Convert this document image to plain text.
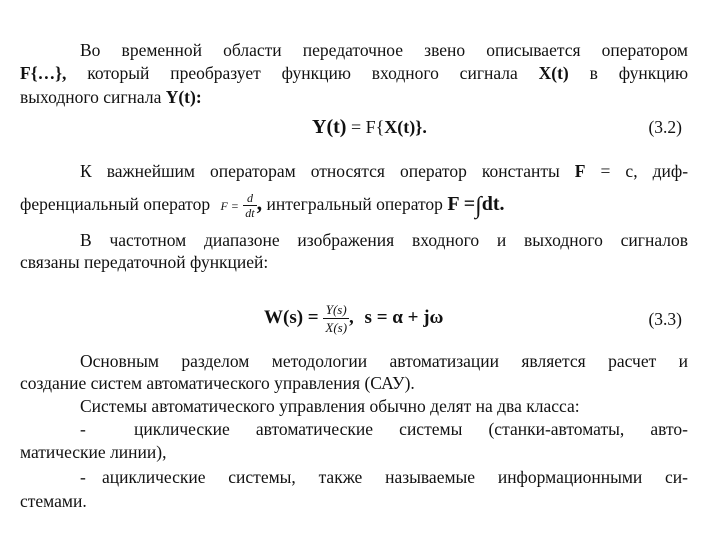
Во временной области передаточное звено описывается оператором
F{…}, который преобразует функцию входного сигнала X(t) в функцию
выходного сигнала Y(t):
Y(t) = F{X(t)}.	(3.2)
К важнейшим операторам относятся оператор константы F = с, диф-
ференциальный оператор $F = \frac{d}{dt}$ , интегральный оператор F =∫dt.
В частотном диапазоне изображения входного и выходного сигналов
связаны передаточной функцией:
$W(s) = \frac{Y(s)}{X(s)}$ , s = α + jω	(3.3)
Основным разделом методологии автоматизации является расчет и
создание систем автоматического управления (САУ).
Системы автоматического управления обычно делят на два класса:
-	циклические автоматические системы (станки-автоматы, авто-
матические линии),
- ациклические системы, также называемые информационными си-
стемами.
